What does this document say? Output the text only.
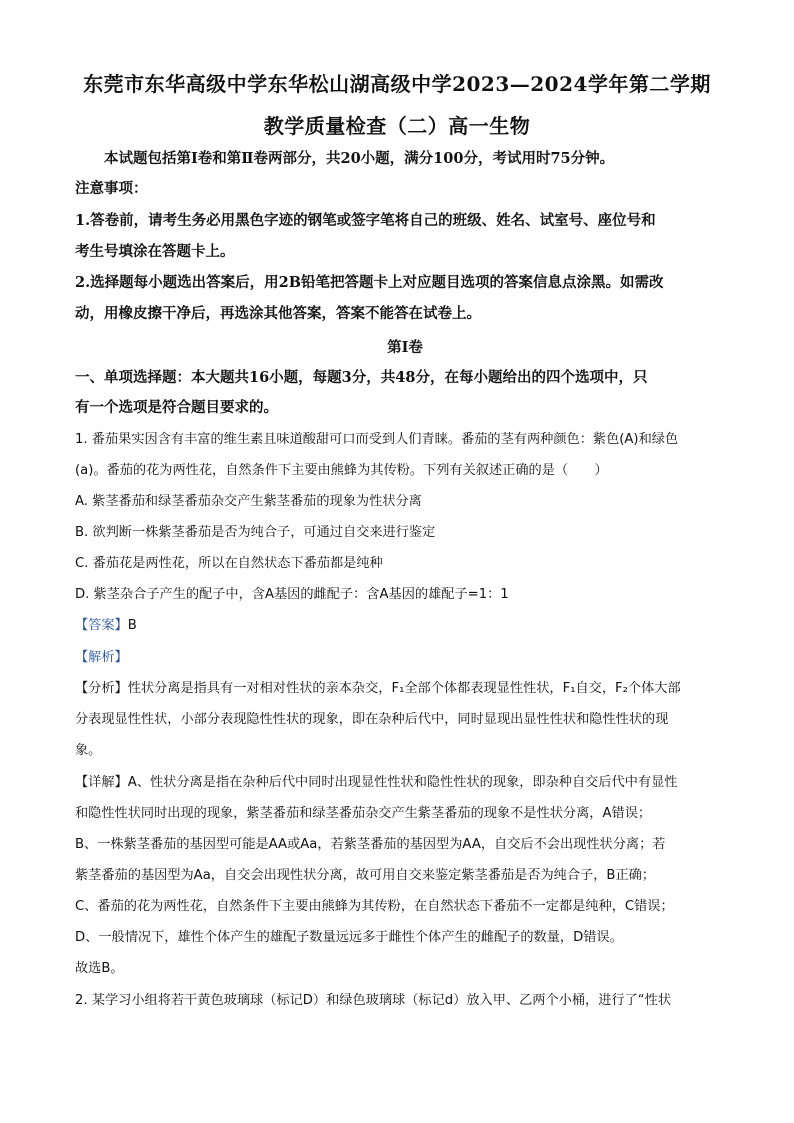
东莞市东华高级中学东华松山湖高级中学2023—2024学年第二学期
教学质量检查（二）高一生物
本试题包括第Ⅰ卷和第Ⅱ卷两部分，共20小题，满分100分，考试用时75分钟。
注意事项：
1.答卷前，请考生务必用黑色字迹的钢笔或签字笔将自己的班级、姓名、试室号、座位号和
考生号填涂在答题卡上。
2.选择题每小题选出答案后，用2B铅笔把答题卡上对应题目选项的答案信息点涂黑。如需改
动，用橡皮擦干净后，再选涂其他答案，答案不能答在试卷上。
第Ⅰ卷
一、单项选择题：本大题共16小题，每题3分，共48分，在每小题给出的四个选项中，只
有一个选项是符合题目要求的。
1. 番茄果实因含有丰富的维生素且味道酸甜可口而受到人们青睐。番茄的茎有两种颜色：紫色(A)和绿色
(a)。番茄的花为两性花，自然条件下主要由熊蜂为其传粉。下列有关叙述正确的是（　　）
A. 紫茎番茄和绿茎番茄杂交产生紫茎番茄的现象为性状分离
B. 欲判断一株紫茎番茄是否为纯合子，可通过自交来进行鉴定
C. 番茄花是两性花，所以在自然状态下番茄都是纯种
D. 紫茎杂合子产生的配子中，含A基因的雌配子：含A基因的雄配子=1：1
【答案】B
【解析】
【分析】性状分离是指具有一对相对性状的亲本杂交，F₁全部个体都表现显性性状，F₁自交，F₂个体大部
分表现显性性状，小部分表现隐性性状的现象，即在杂种后代中，同时显现出显性性状和隐性性状的现
象。
【详解】A、性状分离是指在杂种后代中同时出现显性性状和隐性性状的现象，即杂种自交后代中有显性
和隐性性状同时出现的现象，紫茎番茄和绿茎番茄杂交产生紫茎番茄的现象不是性状分离，A错误；
B、一株紫茎番茄的基因型可能是AA或Aa，若紫茎番茄的基因型为AA，自交后不会出现性状分离；若
紫茎番茄的基因型为Aa，自交会出现性状分离，故可用自交来鉴定紫茎番茄是否为纯合子，B正确；
C、番茄的花为两性花，自然条件下主要由熊蜂为其传粉，在自然状态下番茄不一定都是纯种，C错误；
D、一般情况下，雄性个体产生的雄配子数量远远多于雌性个体产生的雌配子的数量，D错误。
故选B。
2. 某学习小组将若干黄色玻璃球（标记D）和绿色玻璃球（标记d）放入甲、乙两个小桶，进行了“性状
